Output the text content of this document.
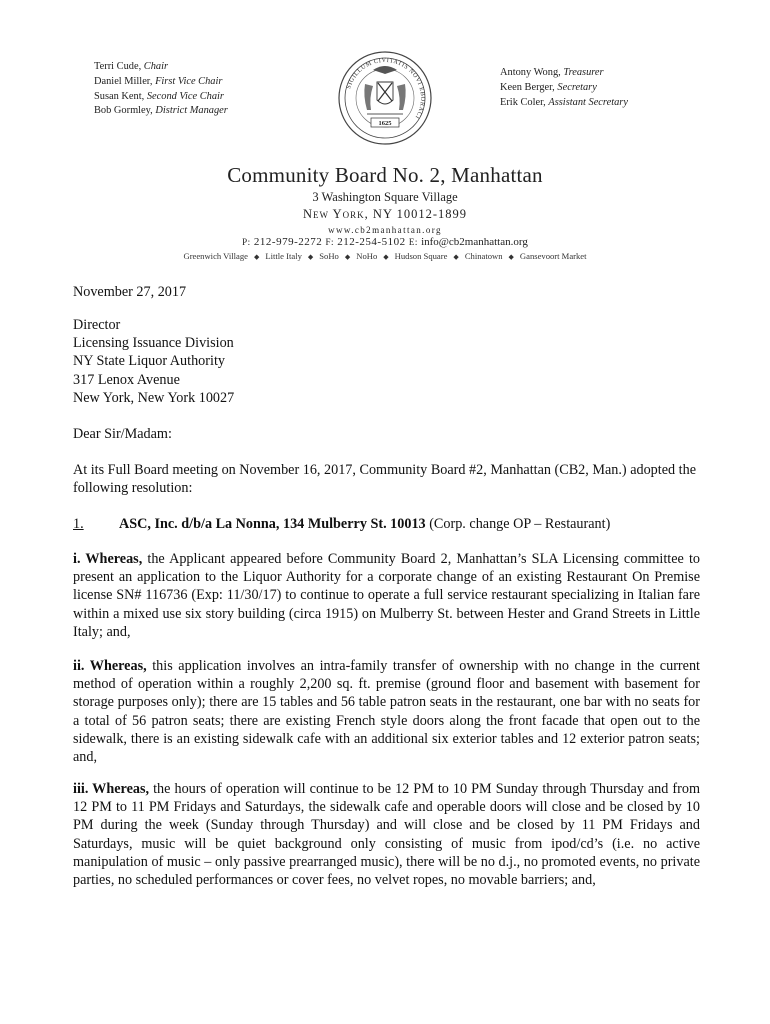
Terri Cude, Chair
Daniel Miller, First Vice Chair
Susan Kent, Second Vice Chair
Bob Gormley, District Manager
SIGILLUM CIVITATIS NOVI EBORACI
1625
Antony Wong, Treasurer
Keen Berger, Secretary
Erik Coler, Assistant Secretary
Community Board No. 2, Manhattan
3 Washington Square Village
New York, NY 10012-1899
www.cb2manhattan.org
P: 212-979-2272 F: 212-254-5102 E: info@cb2manhattan.org
Greenwich Village ◆ Little Italy ◆ SoHo ◆ NoHo ◆ Hudson Square ◆ Chinatown ◆ Gansevoort Market
November 27, 2017
Director
Licensing Issuance Division
NY State Liquor Authority
317 Lenox Avenue
New York, New York 10027
Dear Sir/Madam:
At its Full Board meeting on November 16, 2017, Community Board #2, Manhattan (CB2, Man.) adopted the following resolution:
1. ASC, Inc. d/b/a La Nonna, 134 Mulberry St. 10013 (Corp. change OP – Restaurant)
i. Whereas, the Applicant appeared before Community Board 2, Manhattan’s SLA Licensing committee to present an application to the Liquor Authority for a corporate change of an existing Restaurant On Premise license SN# 116736 (Exp: 11/30/17) to continue to operate a full service restaurant specializing in Italian fare within a mixed use six story building (circa 1915) on Mulberry St. between Hester and Grand Streets in Little Italy; and,
ii. Whereas, this application involves an intra-family transfer of ownership with no change in the current method of operation within a roughly 2,200 sq. ft. premise (ground floor and basement with basement for storage purposes only); there are 15 tables and 56 table patron seats in the restaurant, one bar with no seats for a total of 56 patron seats; there are existing French style doors along the front facade that open out to the sidewalk, there is an existing sidewalk cafe with an additional six exterior tables and 12 exterior patron seats; and,
iii. Whereas, the hours of operation will continue to be 12 PM to 10 PM Sunday through Thursday and from 12 PM to 11 PM Fridays and Saturdays, the sidewalk cafe and operable doors will close and be closed by 10 PM during the week (Sunday through Thursday) and will close and be closed by 11 PM Fridays and Saturdays, music will be quiet background only consisting of music from ipod/cd’s (i.e. no active manipulation of music – only passive prearranged music), there will be no d.j., no promoted events, no private parties, no scheduled performances or cover fees, no velvet ropes, no movable barriers; and,
